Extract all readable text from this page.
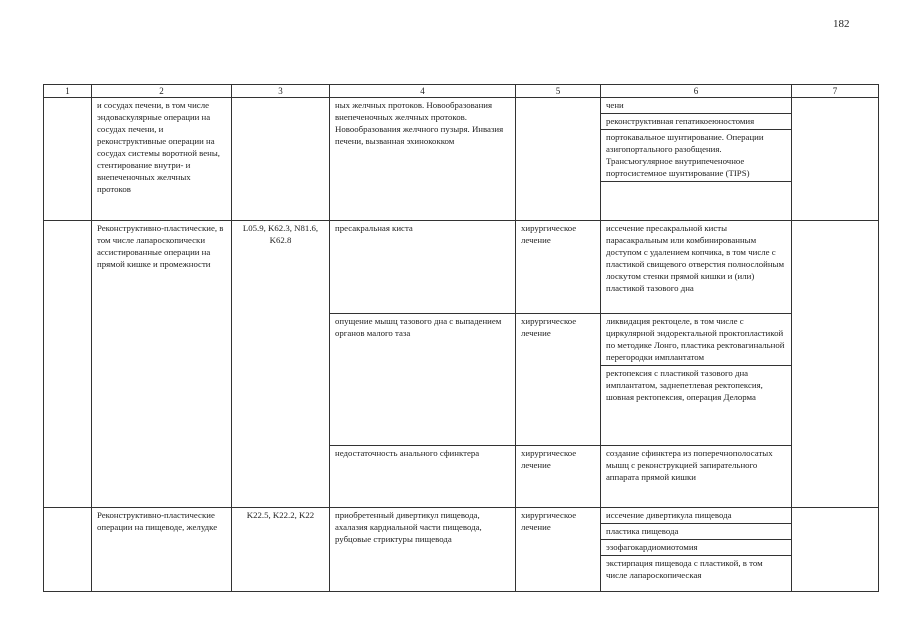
182
1	2	3	4	5	6	7
	и сосудах печени, в том числе эндоваскулярные операции на сосудах печени, и реконструктивные операции на сосудах системы воротной вены, стентирование внутри- и внепеченочных желчных протоков		ных желчных протоков. Новообразования внепеченочных желчных протоков. Новообразования желчного пузыря. Инвазия печени, вызванная эхинококком		чени
реконструктивная гепатикоеюностомия
портокавальное шунтирование. Операции азигопортального разобщения. Трансъюгулярное внутрипеченочное портосистемное шунтирование (TIPS)	

	Реконструктивно-пластические, в том числе лапароскопически ассистированные операции на прямой кишке и промежности	L05.9, K62.3, N81.6, K62.8	пресакральная киста	хирургическое лечение	иссечение пресакральной кисты парасакральным или комбинированным доступом с удалением копчика, в том числе с пластикой свищевого отверстия полнослойным лоскутом стенки прямой кишки и (или) пластикой тазового дна	
			опущение мышц тазового дна с выпадением органов малого таза	хирургическое лечение	ликвидация ректоцеле, в том числе с циркулярной эндоректальной проктопластикой по методике Лонго, пластика ректовагинальной перегородки имплантатом
ректопексия с пластикой тазового дна имплантатом, заднепетлевая ректопексия, шовная ректопексия, операция Делорма	

			недостаточность анального сфинктера	хирургическое лечение	создание сфинктера из поперечнополосатых мышц с реконструкцией запирательного аппарата прямой кишки	
	Реконструктивно-пластические операции на пищеводе, желудке	K22.5, K22.2, K22	приобретенный дивертикул пищевода, ахалазия кардиальной части пищевода, рубцовые стриктуры пищевода	хирургическое лечение	иссечение дивертикула пищевода
пластика пищевода
эзофагокардиомиотомия
экстирпация пищевода с пластикой, в том числе лапароскопическая	
